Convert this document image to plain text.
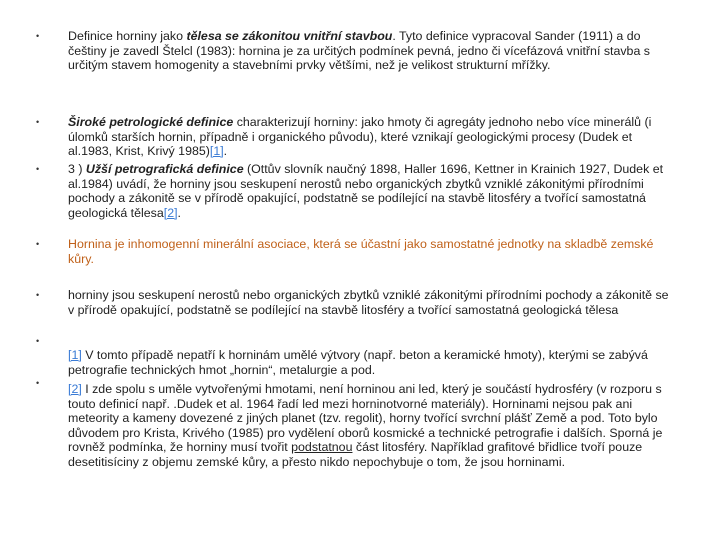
• Definice horniny jako tělesa se zákonitou vnitřní stavbou. Tyto definice vypracoval Sander (1911) a do češtiny je zavedl Štelcl (1983): hornina je za určitých podmínek pevná, jedno či vícefázová vnitřní stavba s určitým stavem homogenity a stavebními prvky většími, než je velikost strukturní mřížky.
• Široké petrologické definice charakterizují horniny: jako hmoty či agregáty jednoho nebo více minerálů (i úlomků starších hornin, případně i organického původu), které vznikají geologickými procesy (Dudek et al.1983, Krist, Krivý 1985)[1].
• 3 ) Užší petrografická definice (Ottův slovník naučný 1898, Haller 1696, Kettner in Krainich 1927, Dudek et al.1984) uvádí, že horniny jsou seskupení nerostů nebo organických zbytků vzniklé zákonitými přírodními pochody a zákonitě se v přírodě opakující, podstatně se podílející na stavbě litosféry a tvořící samostatná geologická tělesa[2].
• Hornina je inhomogenní minerální asociace, která se účastní jako samostatné jednotky na skladbě zemské kůry.
• horniny jsou seskupení nerostů nebo organických zbytků vzniklé zákonitými přírodními pochody a zákonitě se v přírodě opakující, podstatně se podílející na stavbě litosféry a tvořící samostatná geologická tělesa
•
[1] V tomto případě nepatří k horninám umělé výtvory (např. beton a keramické hmoty), kterými se zabývá petrografie technických hmot „hornin“, metalurgie a pod.
• [2] I zde spolu s uměle vytvořenými hmotami, není horninou ani led, který je součástí hydrosféry (v rozporu s touto definicí např. .Dudek et al. 1964 řadí led mezi horninotvorné materiály). Horninami nejsou pak ani meteority a kameny dovezené z jiných planet (tzv. regolit), horny tvořící svrchní plášť Země a pod. Toto bylo důvodem pro Krista, Krivého (1985) pro vydělení oborů kosmické a technické petrografie i dalších. Sporná je rovněž podmínka, že horniny musí tvořit podstatnou část litosféry. Například grafitové břidlice tvoří pouze desetitisíciny z objemu zemské kůry, a přesto nikdo nepochybuje o tom, že jsou horninami.
